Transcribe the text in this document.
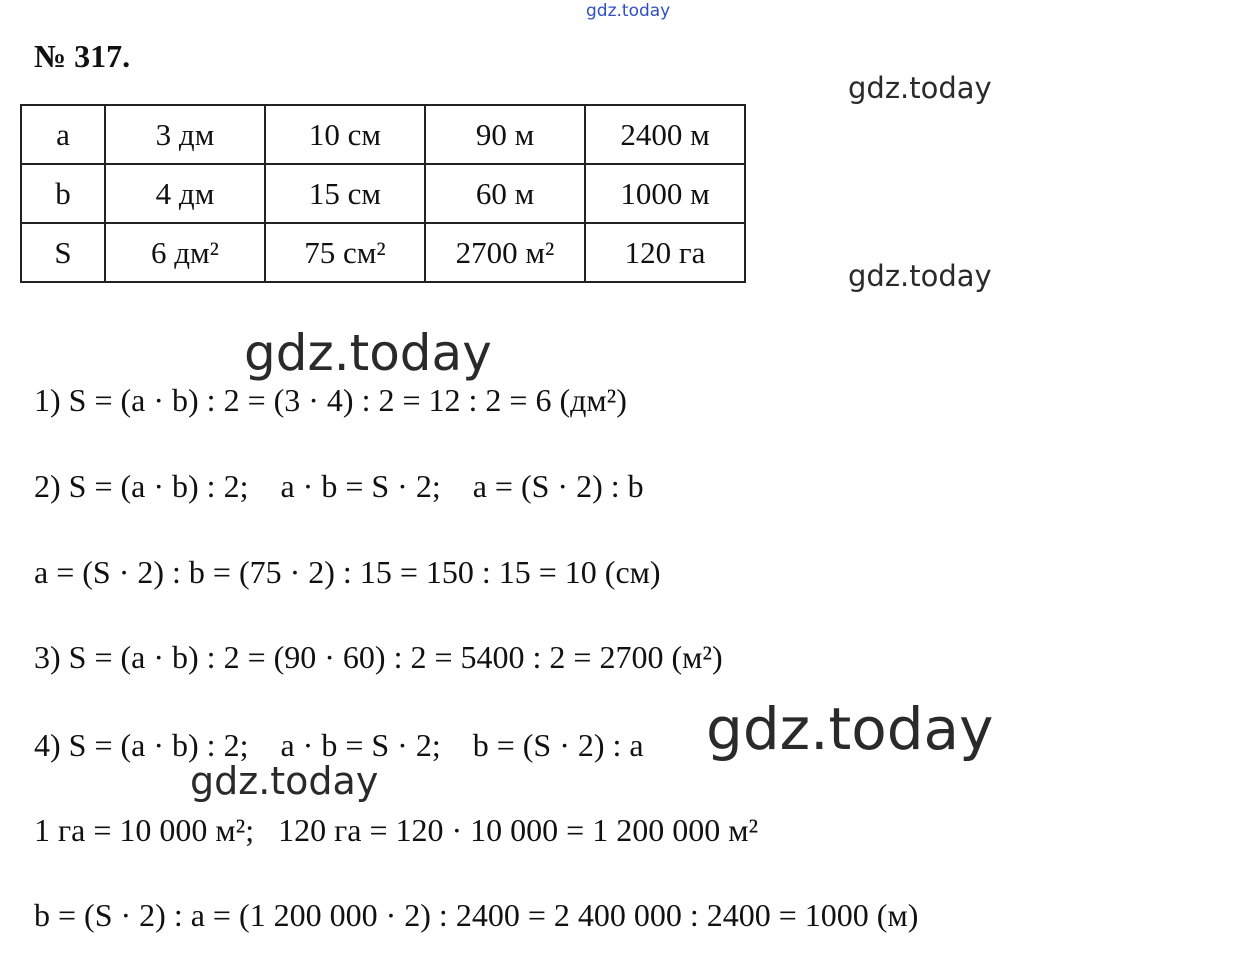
gdz.today
№ 317.
gdz.today
gdz.today
a	3 дм	10 см	90 м	2400 м
b	4 дм	15 см	60 м	1000 м
S	6 дм²	75 см²	2700 м²	120 га
gdz.today
1) S = (a · b) : 2 = (3 · 4) : 2 = 12 : 2 = 6 (дм²)
2) S = (a · b) : 2;    a · b = S · 2;    a = (S · 2) : b
a = (S · 2) : b = (75 · 2) : 15 = 150 : 15 = 10 (см)
3) S = (a · b) : 2 = (90 · 60) : 2 = 5400 : 2 = 2700 (м²)
4) S = (a · b) : 2;    a · b = S · 2;    b = (S · 2) : a gdz.today
gdz.today
1 га = 10 000 м²;   120 га = 120 · 10 000 = 1 200 000 м²
b = (S · 2) : a = (1 200 000 · 2) : 2400 = 2 400 000 : 2400 = 1000 (м)
